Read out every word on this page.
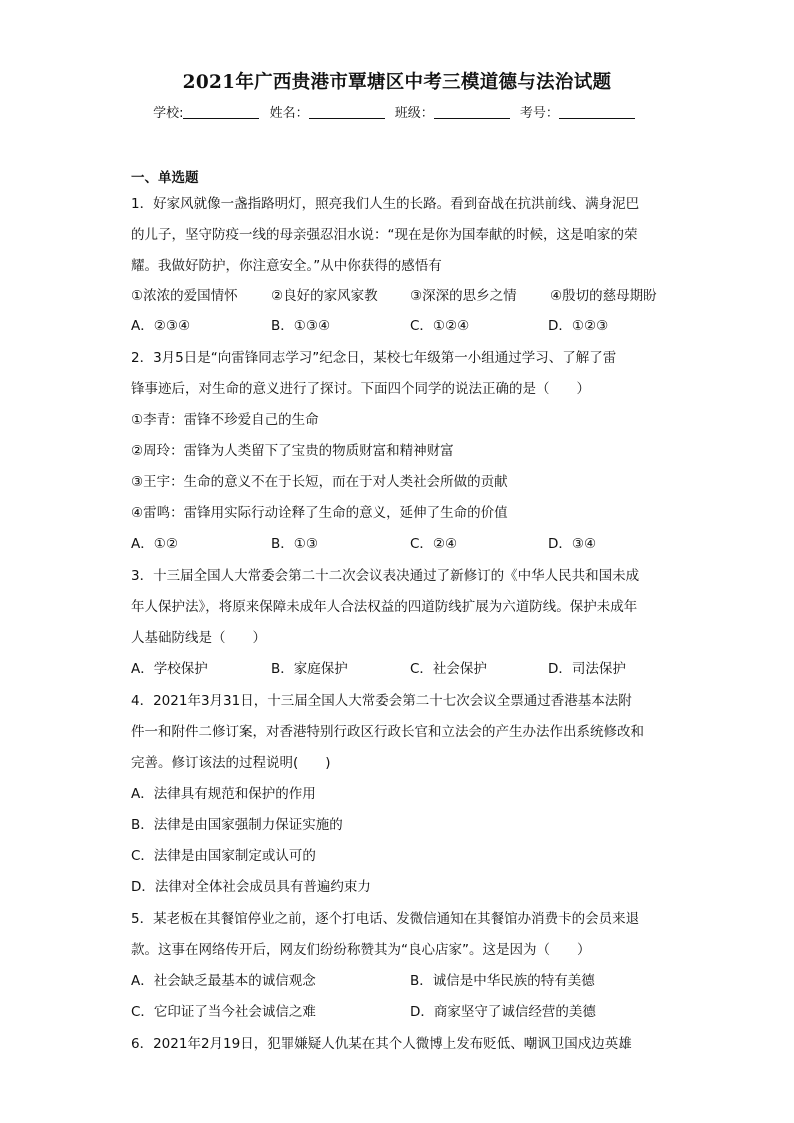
2021年广西贵港市覃塘区中考三模道德与法治试题
学校:	姓名：	班级：	考号：
一、单选题
1．好家风就像一盏指路明灯，照亮我们人生的长路。看到奋战在抗洪前线、满身泥巴
的儿子，坚守防疫一线的母亲强忍泪水说：“现在是你为国奉献的时候，这是咱家的荣
耀。我做好防护，你注意安全。”从中你获得的感悟有
①浓浓的爱国情怀 ②良好的家风家教 ③深深的思乡之情 ④殷切的慈母期盼
A．②③④	B．①③④	C．①②④	D．①②③
2．3月5日是“向雷锋同志学习”纪念日，某校七年级第一小组通过学习、了解了雷
锋事迹后，对生命的意义进行了探讨。下面四个同学的说法正确的是（　　）
①李青：雷锋不珍爱自己的生命
②周玲：雷锋为人类留下了宝贵的物质财富和精神财富
③王宇：生命的意义不在于长短，而在于对人类社会所做的贡献
④雷鸣：雷锋用实际行动诠释了生命的意义，延伸了生命的价值
A．①②	B．①③	C．②④	D．③④
3．十三届全国人大常委会第二十二次会议表决通过了新修订的《中华人民共和国未成
年人保护法》，将原来保障未成年人合法权益的四道防线扩展为六道防线。保护未成年
人基础防线是（　　）
A．学校保护	B．家庭保护	C．社会保护	D．司法保护
4．2021年3月31日，十三届全国人大常委会第二十七次会议全票通过香港基本法附
件一和附件二修订案，对香港特别行政区行政长官和立法会的产生办法作出系统修改和
完善。修订该法的过程说明(　　)
A．法律具有规范和保护的作用
B．法律是由国家强制力保证实施的
C．法律是由国家制定或认可的
D．法律对全体社会成员具有普遍约束力
5．某老板在其餐馆停业之前，逐个打电话、发微信通知在其餐馆办消费卡的会员来退
款。这事在网络传开后，网友们纷纷称赞其为“良心店家”。这是因为（　　）
A．社会缺乏最基本的诚信观念	B．诚信是中华民族的特有美德
C．它印证了当今社会诚信之难	D．商家坚守了诚信经营的美德
6．2021年2月19日，犯罪嫌疑人仇某在其个人微博上发布贬低、嘲讽卫国戍边英雄
